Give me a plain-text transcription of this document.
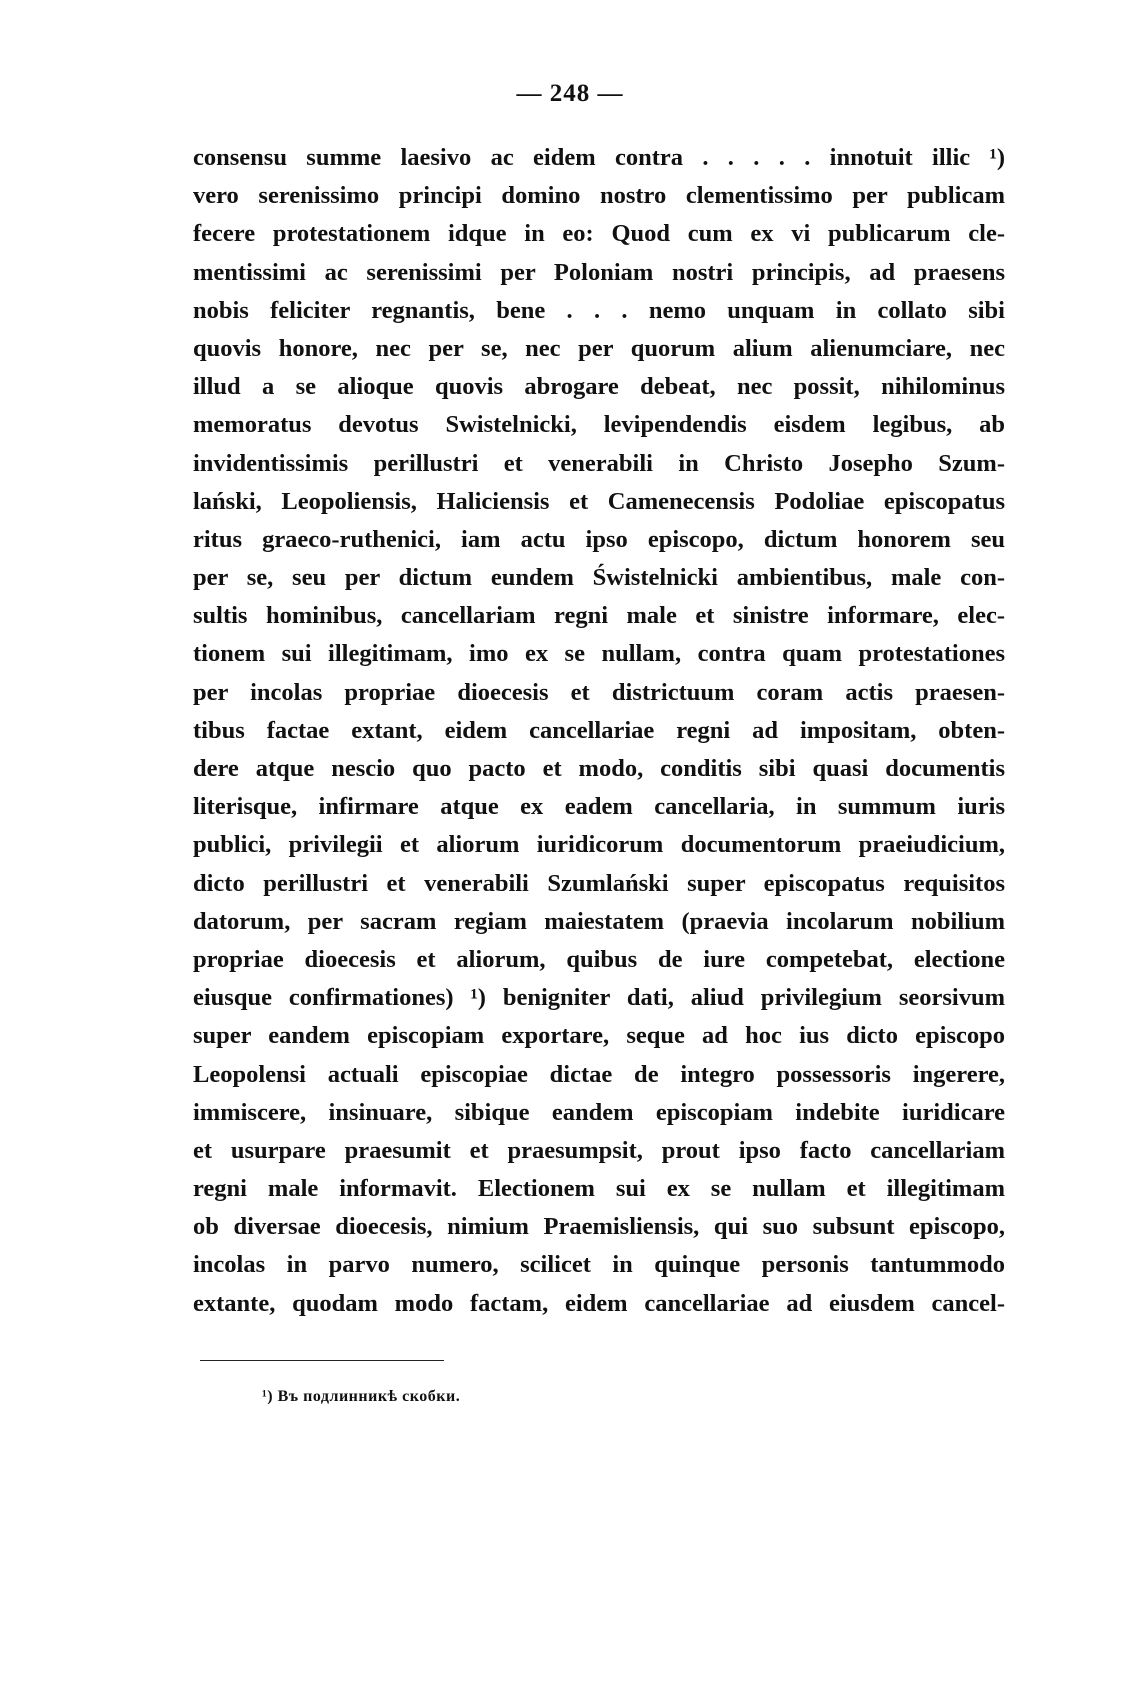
— 248 —
consensu summe laesivo ac eidem contra . . . . . innotuit illic ¹)
vero serenissimo principi domino nostro clementissimo per publicam
fecere protestationem idque in eo: Quod cum ex vi publicarum cle-
mentissimi ac serenissimi per Poloniam nostri principis, ad praesens
nobis feliciter regnantis, bene . . . nemo unquam in collato sibi
quovis honore, nec per se, nec per quorum alium alienumciare, nec
illud a se alioque quovis abrogare debeat, nec possit, nihilominus
memoratus devotus Swistelnicki, levipendendis eisdem legibus, ab
invidentissimis perillustri et venerabili in Christo Josepho Szum-
lański, Leopoliensis, Haliciensis et Camenecensis Podoliae episcopatus
ritus graeco-ruthenici, iam actu ipso episcopo, dictum honorem seu
per se, seu per dictum eundem Świstelnicki ambientibus, male con-
sultis hominibus, cancellariam regni male et sinistre informare, elec-
tionem sui illegitimam, imo ex se nullam, contra quam protestationes
per incolas propriae dioecesis et districtuum coram actis praesen-
tibus factae extant, eidem cancellariae regni ad impositam, obten-
dere atque nescio quo pacto et modo, conditis sibi quasi documentis
literisque, infirmare atque ex eadem cancellaria, in summum iuris
publici, privilegii et aliorum iuridicorum documentorum praeiudicium,
dicto perillustri et venerabili Szumlański super episcopatus requisitos
datorum, per sacram regiam maiestatem (praevia incolarum nobilium
propriae dioecesis et aliorum, quibus de iure competebat, electione
eiusque confirmationes) ¹) benigniter dati, aliud privilegium seorsivum
super eandem episcopiam exportare, seque ad hoc ius dicto episcopo
Leopolensi actuali episcopiae dictae de integro possessoris ingerere,
immiscere, insinuare, sibique eandem episcopiam indebite iuridicare
et usurpare praesumit et praesumpsit, prout ipso facto cancellariam
regni male informavit. Electionem sui ex se nullam et illegitimam
ob diversae dioecesis, nimium Praemisliensis, qui suo subsunt episcopo,
incolas in parvo numero, scilicet in quinque personis tantummodo
extante, quodam modo factam, eidem cancellariae ad eiusdem cancel-
¹) Въ подлинникѣ скобки.
